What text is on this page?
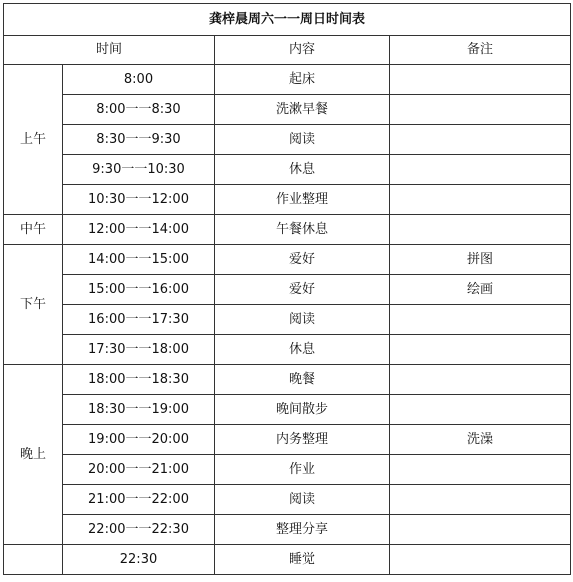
龚梓晨周六一一周日时间表			
时间		内容	备注
上午	8:00	起床	
	8:00一一8:30	洗漱早餐	
	8:30一一9:30	阅读	
	9:30一一10:30	休息	
	10:30一一12:00	作业整理	
中午	12:00一一14:00	午餐休息	
下午	14:00一一15:00	爱好	拼图
	15:00一一16:00	爱好	绘画
	16:00一一17:30	阅读	
	17:30一一18:00	休息	
晚上	18:00一一18:30	晚餐	
	18:30一一19:00	晚间散步	
	19:00一一20:00	内务整理	洗澡
	20:00一一21:00	作业	
	21:00一一22:00	阅读	
	22:00一一22:30	整理分享	
	22:30	睡觉	
